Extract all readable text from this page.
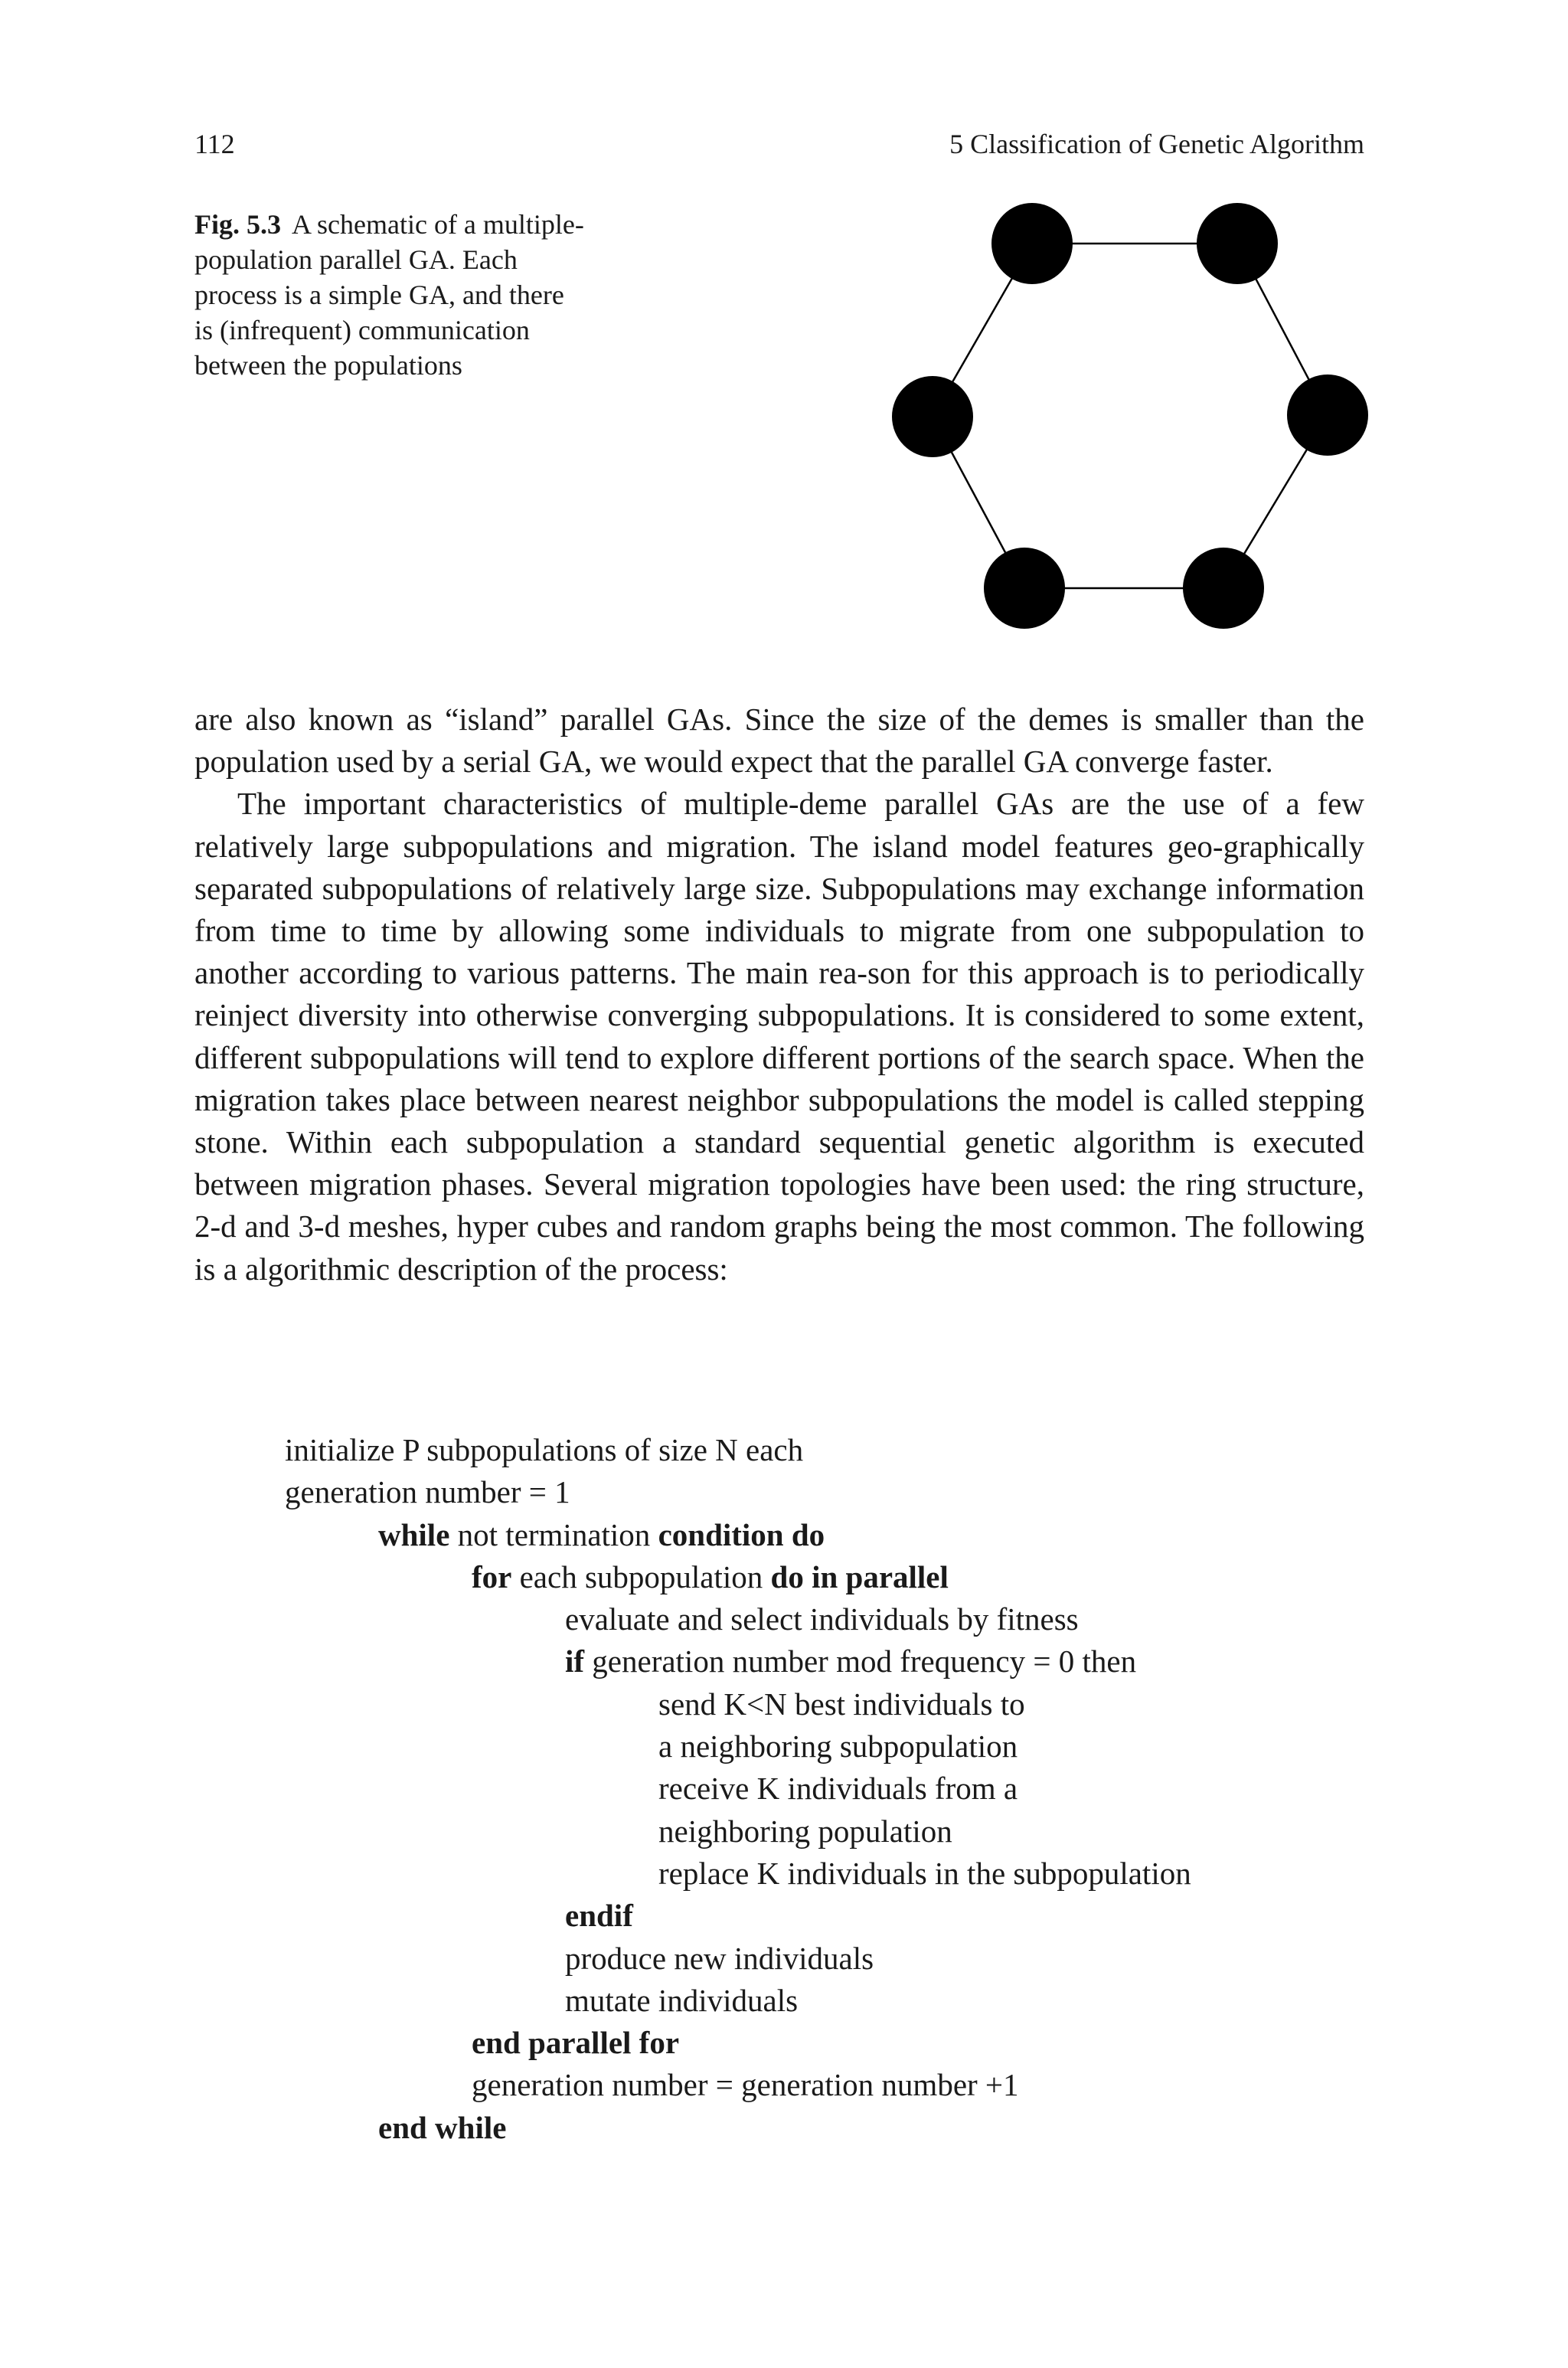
112	5 Classification of Genetic Algorithm
Fig. 5.3 A schematic of a multiple-population parallel GA. Each process is a simple GA, and there is (infrequent) communication between the populations

are also known as “island” parallel GAs. Since the size of the demes is smaller than the population used by a serial GA, we would expect that the parallel GA converge faster.

The important characteristics of multiple-deme parallel GAs are the use of a few relatively large subpopulations and migration. The island model features geo-graphically separated subpopulations of relatively large size. Subpopulations may exchange information from time to time by allowing some individuals to migrate from one subpopulation to another according to various patterns. The main rea-son for this approach is to periodically reinject diversity into otherwise converging subpopulations. It is considered to some extent, different subpopulations will tend to explore different portions of the search space. When the migration takes place between nearest neighbor subpopulations the model is called stepping stone. Within each subpopulation a standard sequential genetic algorithm is executed between migration phases. Several migration topologies have been used: the ring structure, 2-d and 3-d meshes, hyper cubes and random graphs being the most common. The following is a algorithmic description of the process:

initialize P subpopulations of size N each
generation number = 1
while not termination condition do
for each subpopulation do in parallel
evaluate and select individuals by fitness
if generation number mod frequency = 0 then
send K<N best individuals to
a neighboring subpopulation
receive K individuals from a
neighboring population
replace K individuals in the subpopulation
endif
produce new individuals
mutate individuals
end parallel for
generation number = generation number +1
end while
